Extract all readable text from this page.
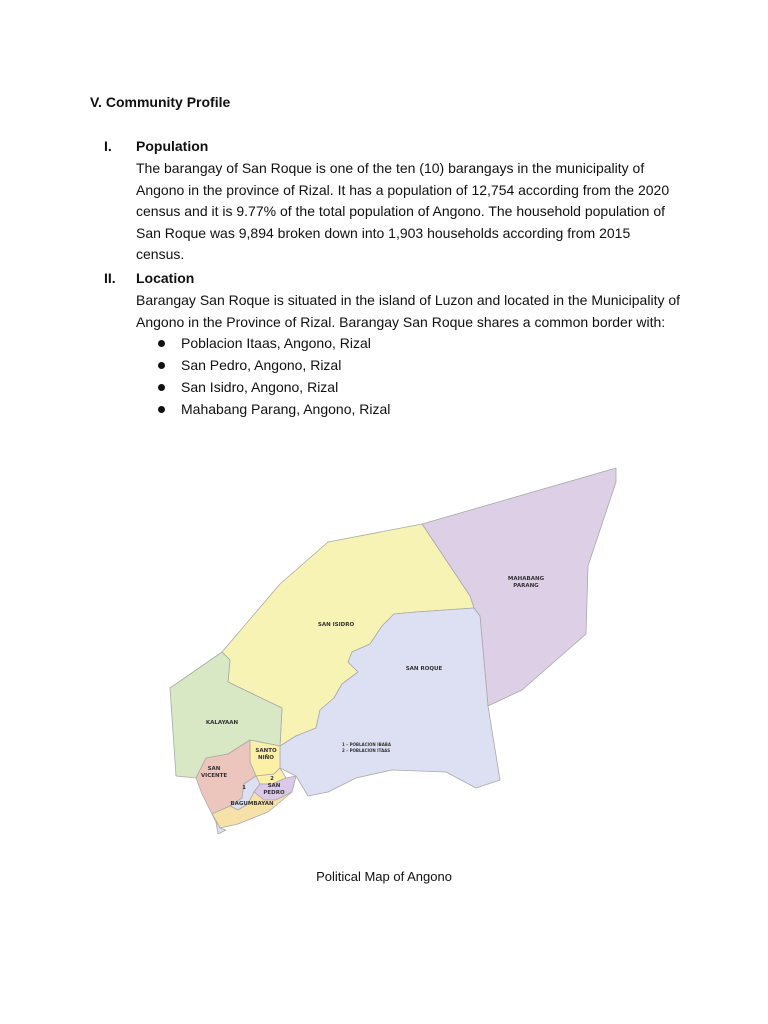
V. Community Profile
I. Population

The barangay of San Roque is one of the ten (10) barangays in the municipality of Angono in the province of Rizal. It has a population of 12,754 according from the 2020 census and it is 9.77% of the total population of Angono. The household population of San Roque was 9,894 broken down into 1,903 households according from 2015 census.

II. Location

Barangay San Roque is situated in the island of Luzon and located in the Municipality of Angono in the Province of Rizal. Barangay San Roque shares a common border with:

Poblacion Itaas, Angono, Rizal
San Pedro, Angono, Rizal
San Isidro, Angono, Rizal
Mahabang Parang, Angono, Rizal
MAHABANG
PARANG
SAN ISIDRO
SAN ROQUE
KALAYAAN
SANTO
NIÑO
SAN
VICENTE	2
1	SAN
PEDRO
BAGUMBAYAN
1 – POBLACION IBABA
2 – POBLACION ITAAS
Political Map of Angono
